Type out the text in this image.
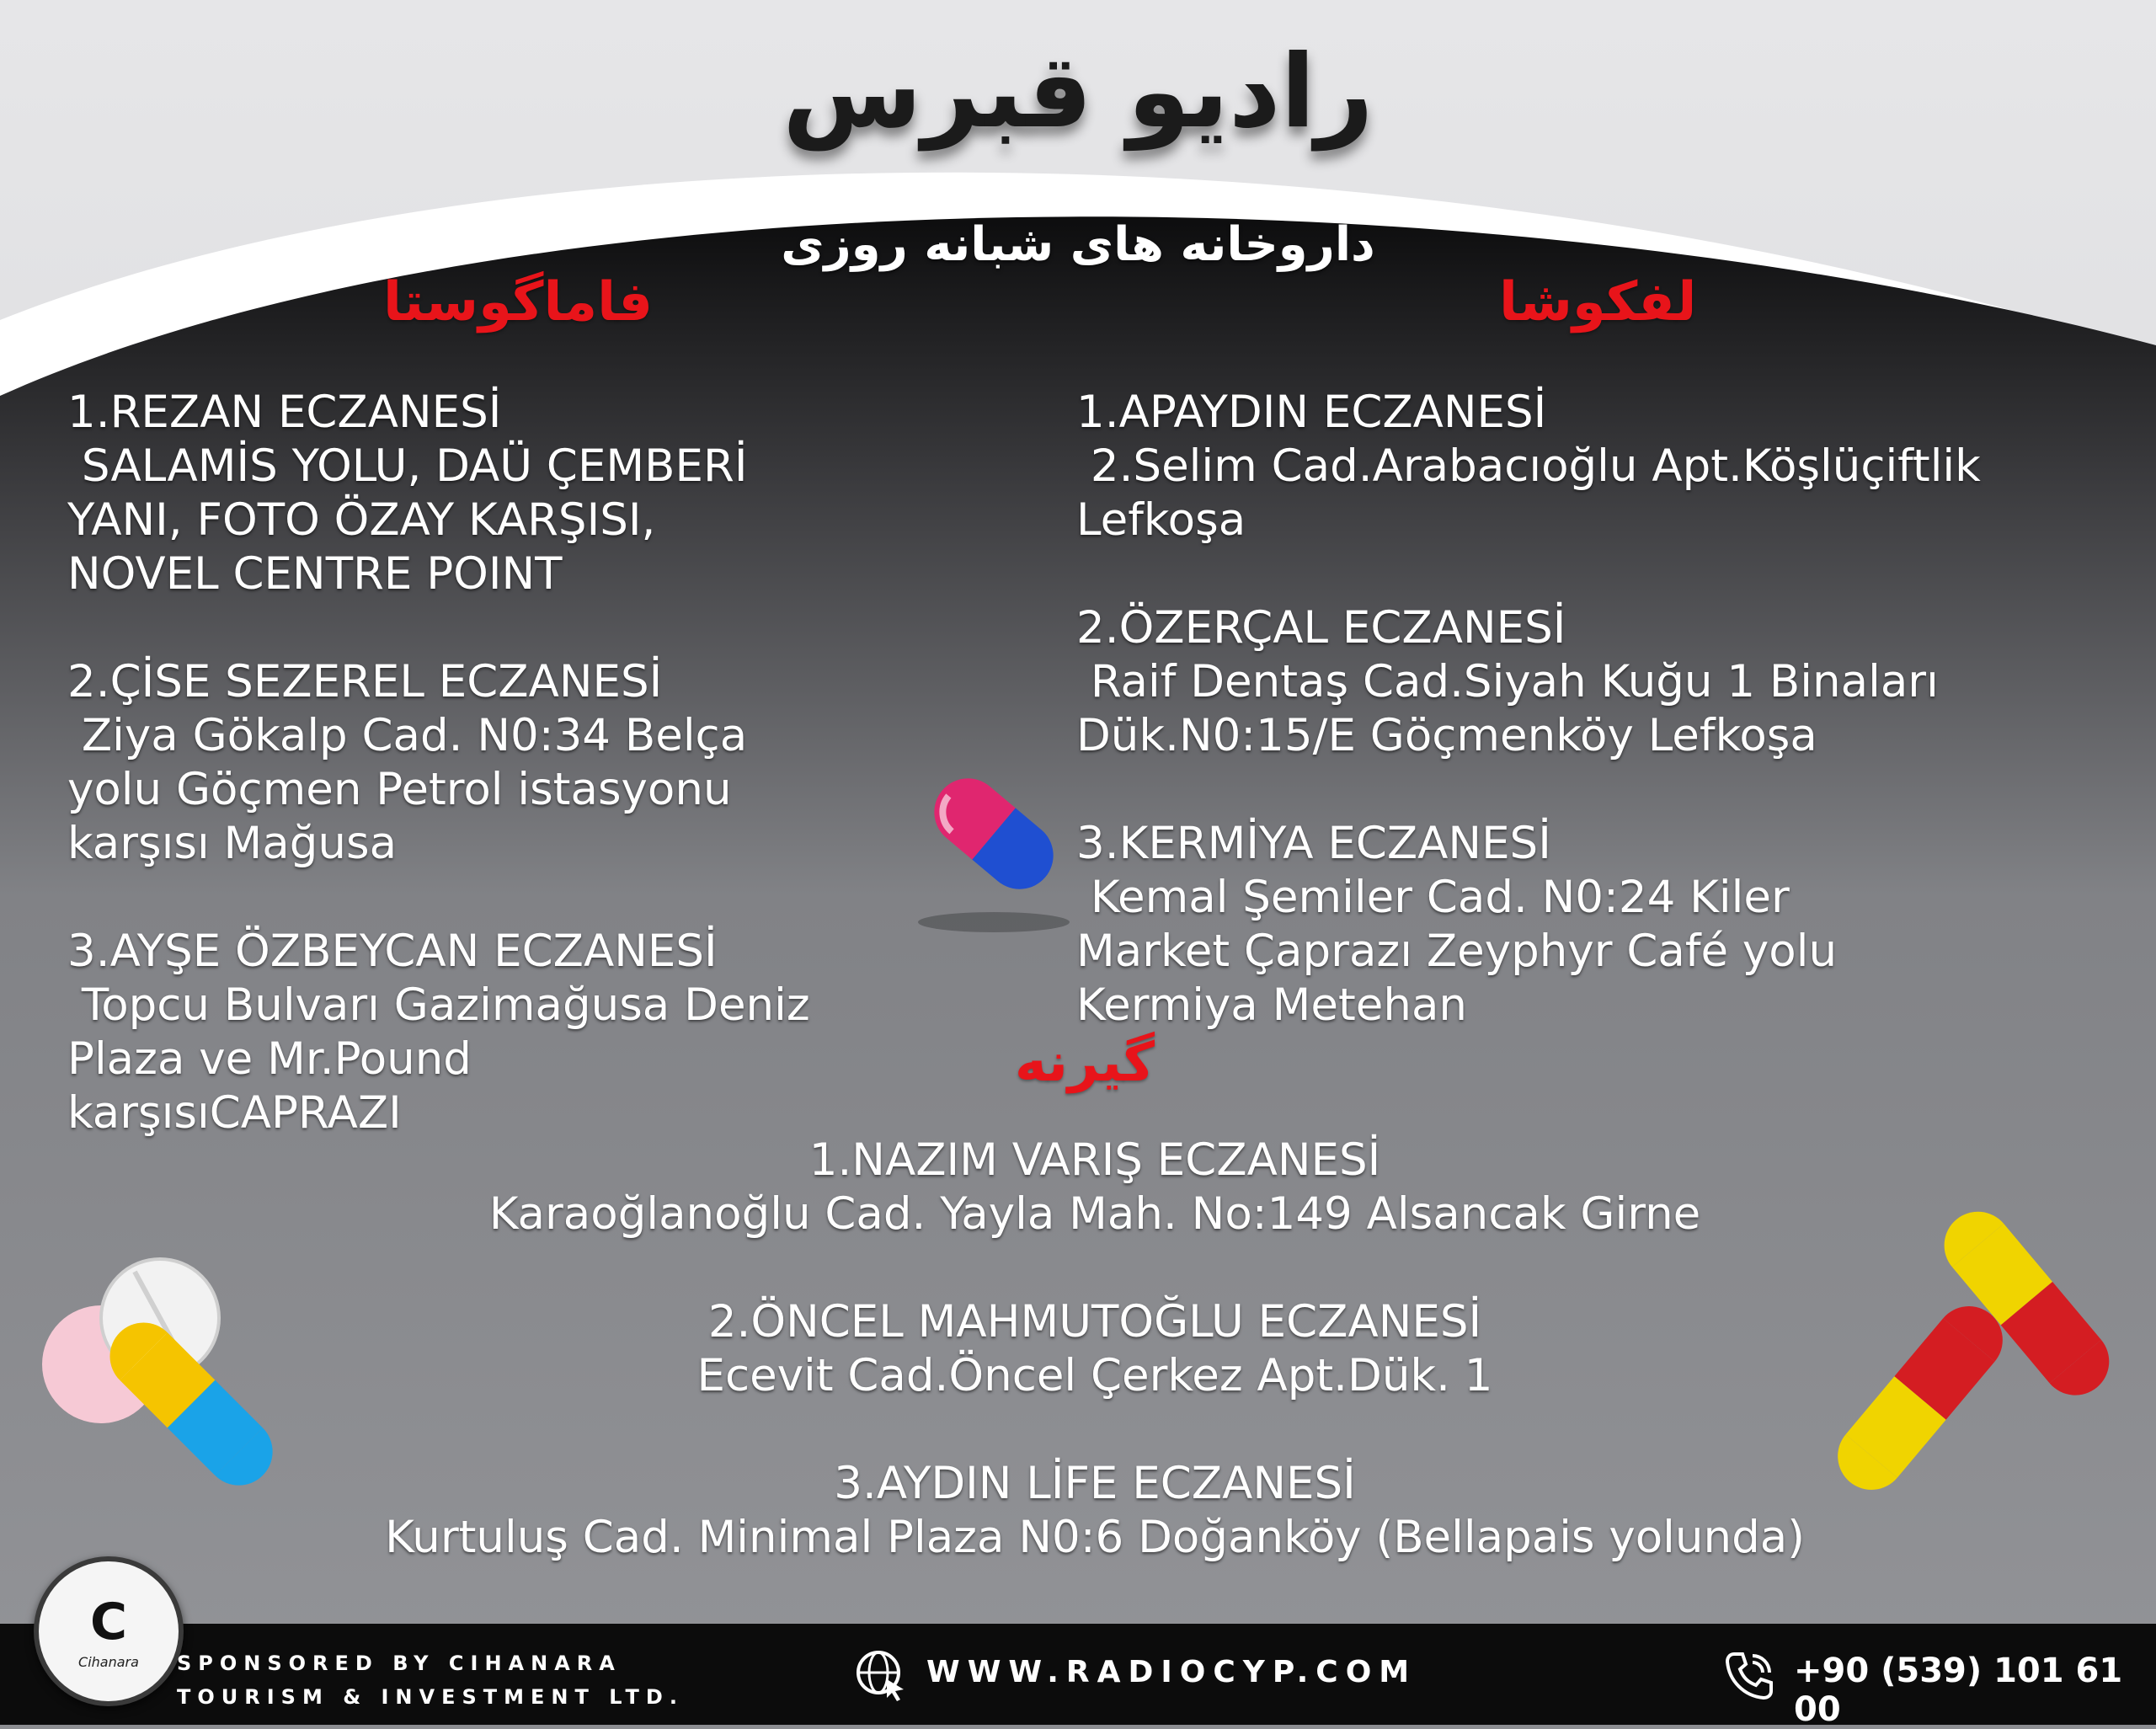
رادیو قبرس
داروخانه های شبانه روزی
فاماگوستا	لفکوشا
گیرنه
1.REZAN ECZANESİ
SALAMİS YOLU, DAÜ ÇEMBERİ
YANI, FOTO ÖZAY KARŞISI,
NOVEL CENTRE POINT
2.ÇİSE SEZEREL ECZANESİ
Ziya Gökalp Cad. N0:34 Belça
yolu Göçmen Petrol istasyonu
karşısı Mağusa
3.AYŞE ÖZBEYCAN ECZANESİ
Topcu Bulvarı Gazimağusa Deniz
Plaza ve Mr.Pound
karşısıCAPRAZI
1.APAYDIN ECZANESİ
2.Selim Cad.Arabacıoğlu Apt.Köşlüçiftlik
Lefkoşa
2.ÖZERÇAL ECZANESİ
Raif Dentaş Cad.Siyah Kuğu 1 Binaları
Dük.N0:15/E Göçmenköy Lefkoşa
3.KERMİYA ECZANESİ
Kemal Şemiler Cad. N0:24 Kiler
Market Çaprazı Zeyphyr Café yolu
Kermiya Metehan
1.NAZIM VARIŞ ECZANESİ
Karaoğlanoğlu Cad. Yayla Mah. No:149 Alsancak Girne
2.ÖNCEL MAHMUTOĞLU ECZANESİ
Ecevit Cad.Öncel Çerkez Apt.Dük. 1
3.AYDIN LİFE ECZANESİ
Kurtuluş Cad. Minimal Plaza N0:6 Doğanköy (Bellapais yolunda)
C
Cihanara	SPONSORED BY CIHANARA
TOURISM & INVESTMENT LTD.
WWW.RADIOCYP.COM	+90 (539) 101 61 00
